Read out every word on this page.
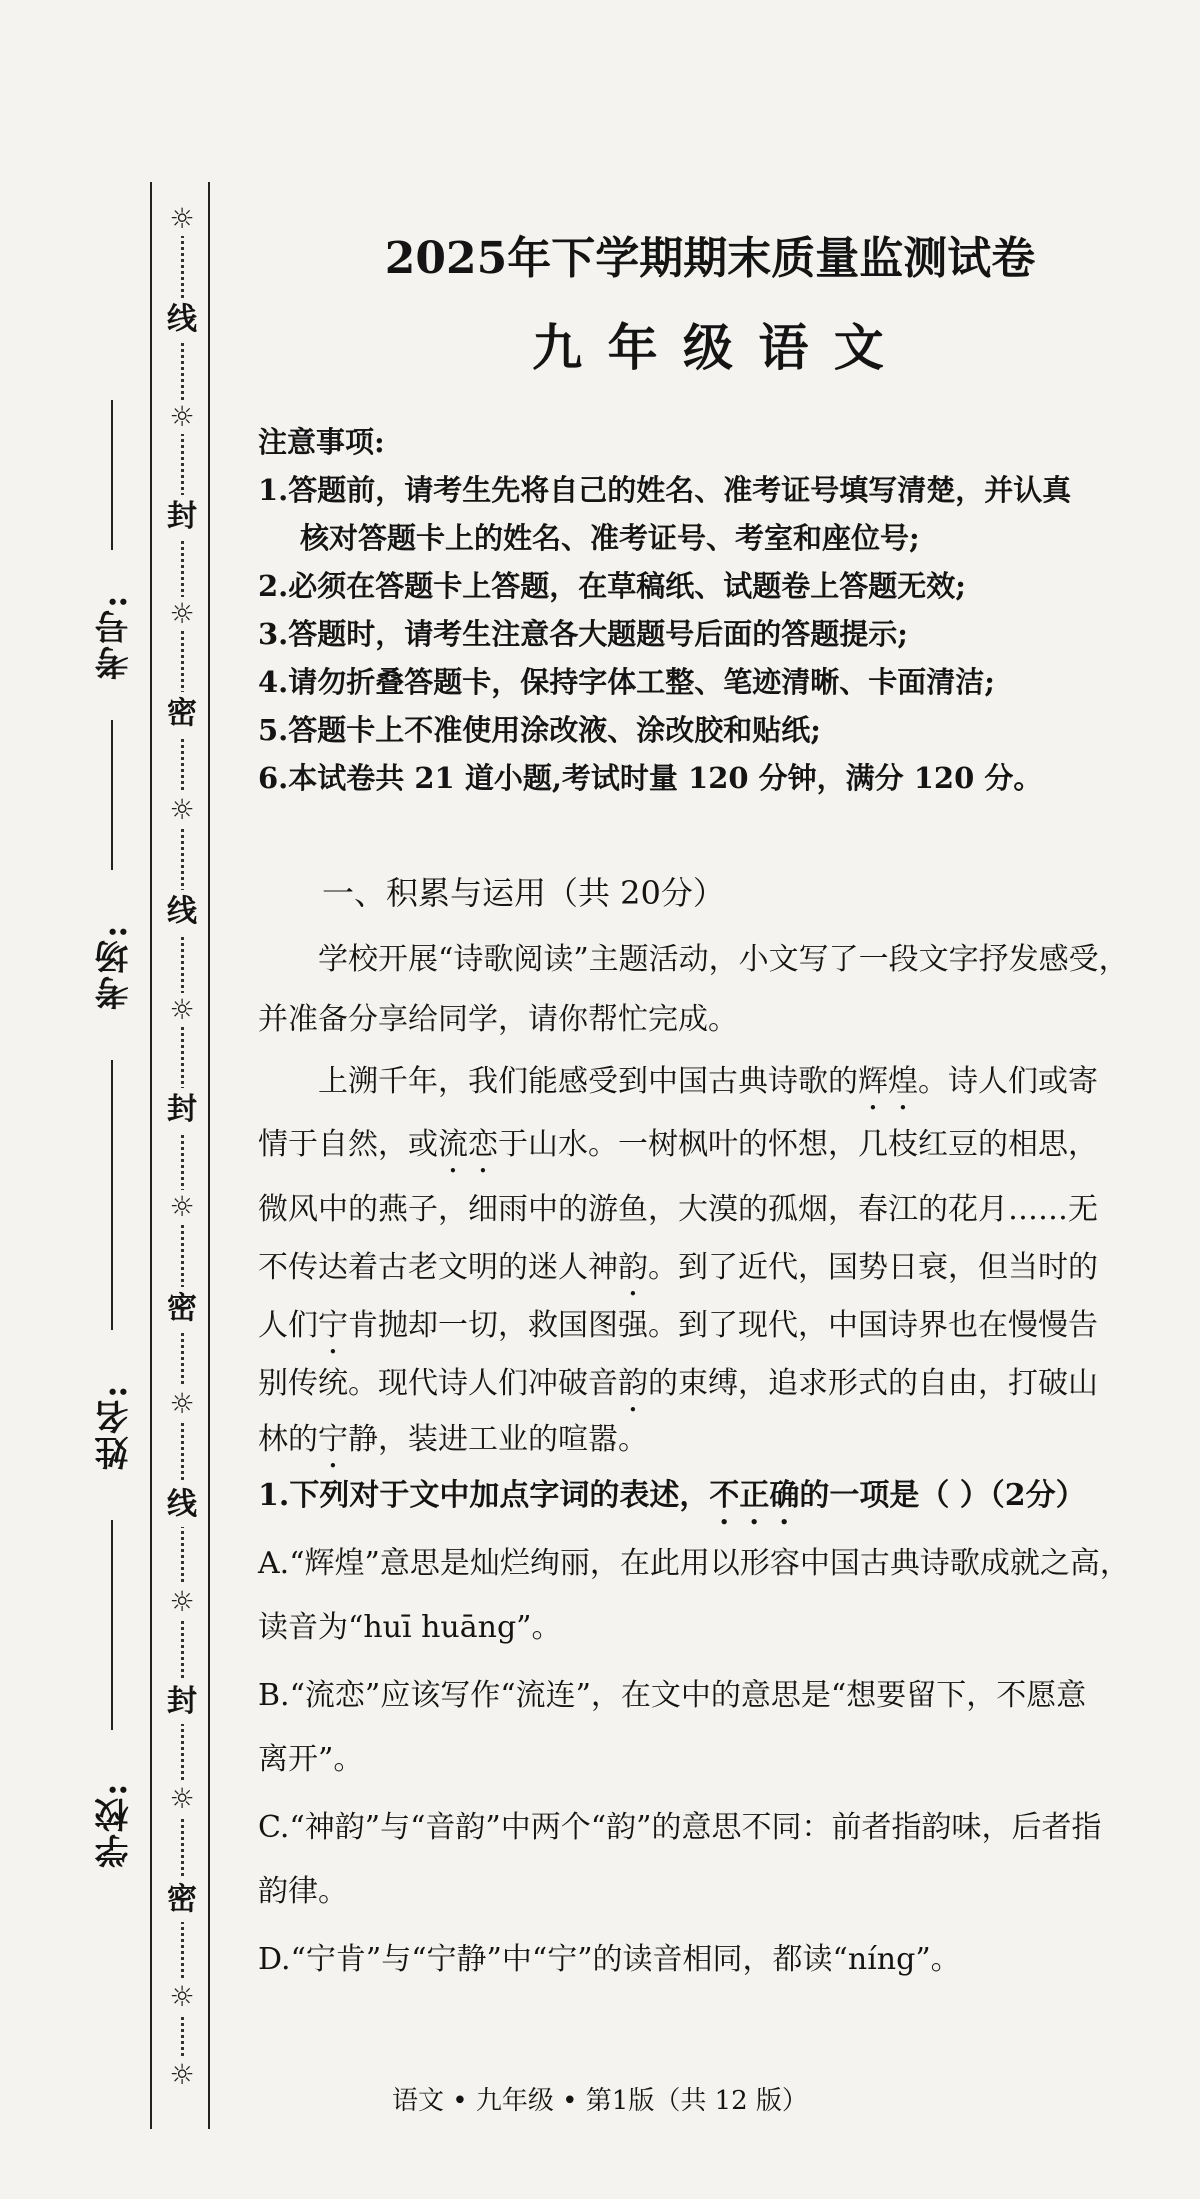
☼
☼
☼
☼
☼
☼
☼
☼
☼
☼
☼
线
封
密
线
封
密
线
封
密
考号:
考场:
姓名:
学校:
2025年下学期期末质量监测试卷
九 年 级 语 文
注意事项:
1.答题前，请考生先将自己的姓名、准考证号填写清楚，并认真
核对答题卡上的姓名、准考证号、考室和座位号;
2.必须在答题卡上答题，在草稿纸、试题卷上答题无效;
3.答题时，请考生注意各大题题号后面的答题提示;
4.请勿折叠答题卡，保持字体工整、笔迹清晰、卡面清洁;
5.答题卡上不准使用涂改液、涂改胶和贴纸;
6.本试卷共 21 道小题,考试时量 120 分钟，满分 120 分。
一、积累与运用（共 20分）
学校开展“诗歌阅读”主题活动，小文写了一段文字抒发感受，
并准备分享给同学，请你帮忙完成。
上溯千年，我们能感受到中国古典诗歌的辉煌。诗人们或寄
情于自然，或流恋于山水。一树枫叶的怀想，几枝红豆的相思，
微风中的燕子，细雨中的游鱼，大漠的孤烟，春江的花月……无
不传达着古老文明的迷人神韵。到了近代，国势日衰，但当时的
人们宁肯抛却一切，救国图强。到了现代，中国诗界也在慢慢告
别传统。现代诗人们冲破音韵的束缚，追求形式的自由，打破山
林的宁静，装进工业的喧嚣。
1.下列对于文中加点字词的表述，不正确的一项是（ ）（2分）
A.“辉煌”意思是灿烂绚丽，在此用以形容中国古典诗歌成就之高，
读音为“huī huāng”。
B.“流恋”应该写作“流连”，在文中的意思是“想要留下，不愿意
离开”。
C.“神韵”与“音韵”中两个“韵”的意思不同：前者指韵味，后者指
韵律。
D.“宁肯”与“宁静”中“宁”的读音相同，都读“níng”。
语文 • 九年级 • 第1版（共 12 版）
